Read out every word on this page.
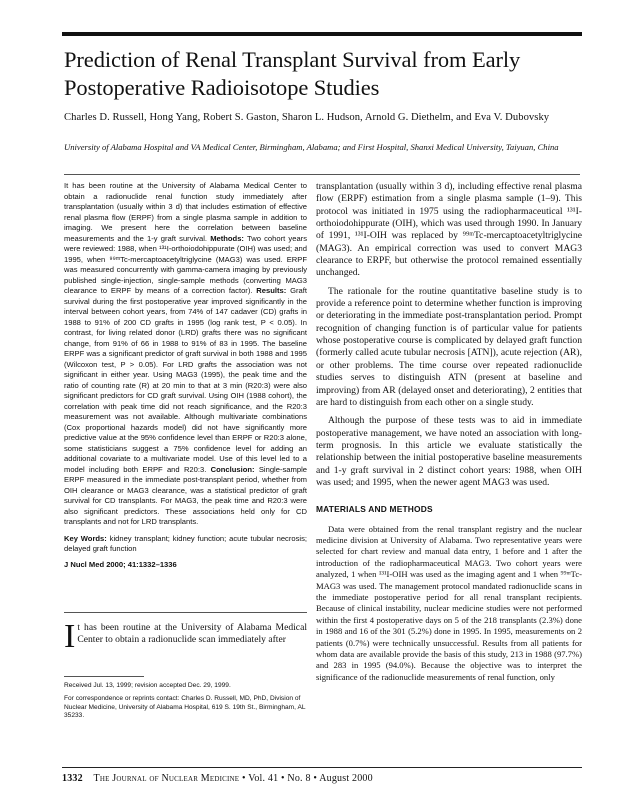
Prediction of Renal Transplant Survival from Early
Postoperative Radioisotope Studies
Charles D. Russell, Hong Yang, Robert S. Gaston, Sharon L. Hudson, Arnold G. Diethelm, and Eva V. Dubovsky
University of Alabama Hospital and VA Medical Center, Birmingham, Alabama; and First Hospital, Shanxi Medical University, Taiyuan, China

It has been routine at the University of Alabama Medical Center to obtain a radionuclide renal function study immediately after transplantation (usually within 3 d) that includes estimation of effective renal plasma flow (ERPF) from a single plasma sample in addition to imaging. We present here the correlation between baseline measurements and the 1-y graft survival. Methods: Two cohort years were reviewed: 1988, when ¹³¹I-orthoiodohippurate (OIH) was used; and 1995, when ⁹⁹ᵐTc-mercaptoacetyltriglycine (MAG3) was used. ERPF was measured concurrently with gamma-camera imaging by previously published single-injection, single-sample methods (converting MAG3 clearance to ERPF by means of a correction factor). Results: Graft survival during the first postoperative year improved significantly in the interval between cohort years, from 74% of 147 cadaver (CD) grafts in 1988 to 91% of 200 CD grafts in 1995 (log rank test, P < 0.05). In contrast, for living related donor (LRD) grafts there was no significant change, from 91% of 66 in 1988 to 91% of 83 in 1995. The baseline ERPF was a significant predictor of graft survival in both 1988 and 1995 (Wilcoxon test, P > 0.05). For LRD grafts the association was not significant in either year. Using MAG3 (1995), the peak time and the ratio of counting rate (R) at 20 min to that at 3 min (R20:3) were also significant predictors for CD graft survival. Using OIH (1988 cohort), the correlation with peak time did not reach significance, and the R20:3 measurement was not available. Although multivariate combinations (Cox proportional hazards model) did not have significantly more predictive value at the 95% confidence level than ERPF or R20:3 alone, some statisticians suggest a 75% confidence level for adding an additional covariate to a multivariate model. Use of this level led to a model including both ERPF and R20:3. Conclusion: Single-sample ERPF measured in the immediate post-transplant period, whether from OIH clearance or MAG3 clearance, was a statistical predictor of graft survival for CD transplants. For MAG3, the peak time and R20:3 were also significant predictors. These associations held only for CD transplants and not for LRD transplants.

Key Words: kidney transplant; kidney function; acute tubular necrosis; delayed graft function

J Nucl Med 2000; 41:1332–1336

I t has been routine at the University of Alabama Medical Center to obtain a radionuclide scan immediately after

Received Jul. 13, 1999; revision accepted Dec. 29, 1999.

For correspondence or reprints contact: Charles D. Russell, MD, PhD, Division of Nuclear Medicine, University of Alabama Hospital, 619 S. 19th St., Birmingham, AL 35233.

transplantation (usually within 3 d), including effective renal plasma flow (ERPF) estimation from a single plasma sample (1–9). This protocol was initiated in 1975 using the radiopharmaceutical ¹³¹I-orthoiodohippurate (OIH), which was used through 1990. In January of 1991, ¹³¹I-OIH was replaced by ⁹⁹ᵐTc-mercaptoacetyltriglycine (MAG3). An empirical correction was used to convert MAG3 clearance to ERPF, but otherwise the protocol remained essentially unchanged.

The rationale for the routine quantitative baseline study is to provide a reference point to determine whether function is improving or deteriorating in the immediate post-transplantation period. Prompt recognition of changing function is of particular value for patients whose postoperative course is complicated by delayed graft function (formerly called acute tubular necrosis [ATN]), acute rejection (AR), or other problems. The time course over repeated radionuclide studies serves to distinguish ATN (present at baseline and improving) from AR (delayed onset and deteriorating), 2 entities that are hard to distinguish from each other on a single study.

Although the purpose of these tests was to aid in immediate postoperative management, we have noted an association with long-term prognosis. In this article we evaluate statistically the relationship between the initial postoperative baseline measurements and 1-y graft survival in 2 distinct cohort years: 1988, when OIH was used; and 1995, when the newer agent MAG3 was used.

MATERIALS AND METHODS

Data were obtained from the renal transplant registry and the nuclear medicine division at University of Alabama. Two representative years were selected for chart review and manual data entry, 1 before and 1 after the introduction of the radiopharmaceutical MAG3. Two cohort years were analyzed, 1 when ¹³¹I-OIH was used as the imaging agent and 1 when ⁹⁹ᵐTc-MAG3 was used. The management protocol mandated radionuclide scans in the immediate postoperative period for all renal transplant recipients. Because of clinical instability, nuclear medicine studies were not performed within the first 4 postoperative days on 5 of the 218 transplants (2.3%) done in 1988 and 16 of the 301 (5.2%) done in 1995. In 1995, measurements on 2 patients (0.7%) were technically unsuccessful. Results from all patients for whom data are available provide the basis of this study, 213 in 1988 (97.7%) and 283 in 1995 (94.0%). Because the objective was to interpret the significance of the radionuclide measurements of renal function, only

1332 The Journal of Nuclear Medicine • Vol. 41 • No. 8 • August 2000
